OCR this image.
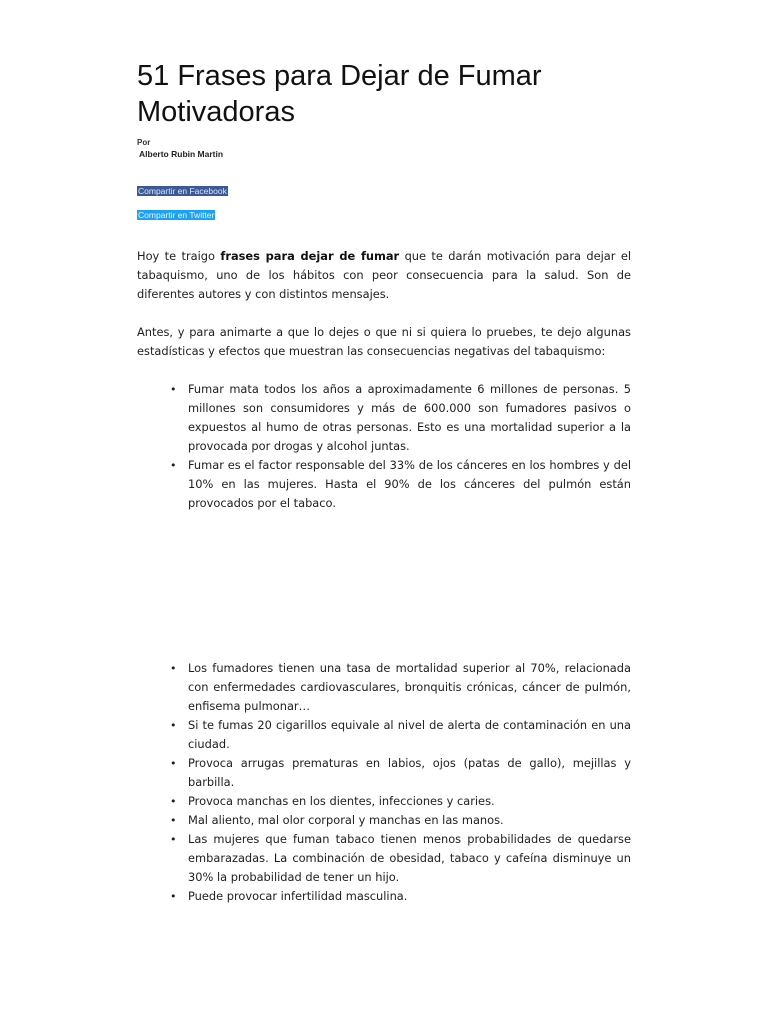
51 Frases para Dejar de Fumar Motivadoras
Por
Alberto Rubin Martin
Compartir en Facebook
Compartir en Twitter

Hoy te traigo frases para dejar de fumar que te darán motivación para dejar el tabaquismo, uno de los hábitos con peor consecuencia para la salud. Son de diferentes autores y con distintos mensajes.

Antes, y para animarte a que lo dejes o que ni si quiera lo pruebes, te dejo algunas estadísticas y efectos que muestran las consecuencias negativas del tabaquismo:

• Fumar mata todos los años a aproximadamente 6 millones de personas. 5 millones son consumidores y más de 600.000 son fumadores pasivos o expuestos al humo de otras personas. Esto es una mortalidad superior a la provocada por drogas y alcohol juntas.
• Fumar es el factor responsable del 33% de los cánceres en los hombres y del 10% en las mujeres. Hasta el 90% de los cánceres del pulmón están provocados por el tabaco.
• Los fumadores tienen una tasa de mortalidad superior al 70%, relacionada con enfermedades cardiovasculares, bronquitis crónicas, cáncer de pulmón, enfisema pulmonar…
• Si te fumas 20 cigarillos equivale al nivel de alerta de contaminación en una ciudad.
• Provoca arrugas prematuras en labios, ojos (patas de gallo), mejillas y barbilla.
• Provoca manchas en los dientes, infecciones y caries.
• Mal aliento, mal olor corporal y manchas en las manos.
• Las mujeres que fuman tabaco tienen menos probabilidades de quedarse embarazadas. La combinación de obesidad, tabaco y cafeína disminuye un 30% la probabilidad de tener un hijo.
• Puede provocar infertilidad masculina.
